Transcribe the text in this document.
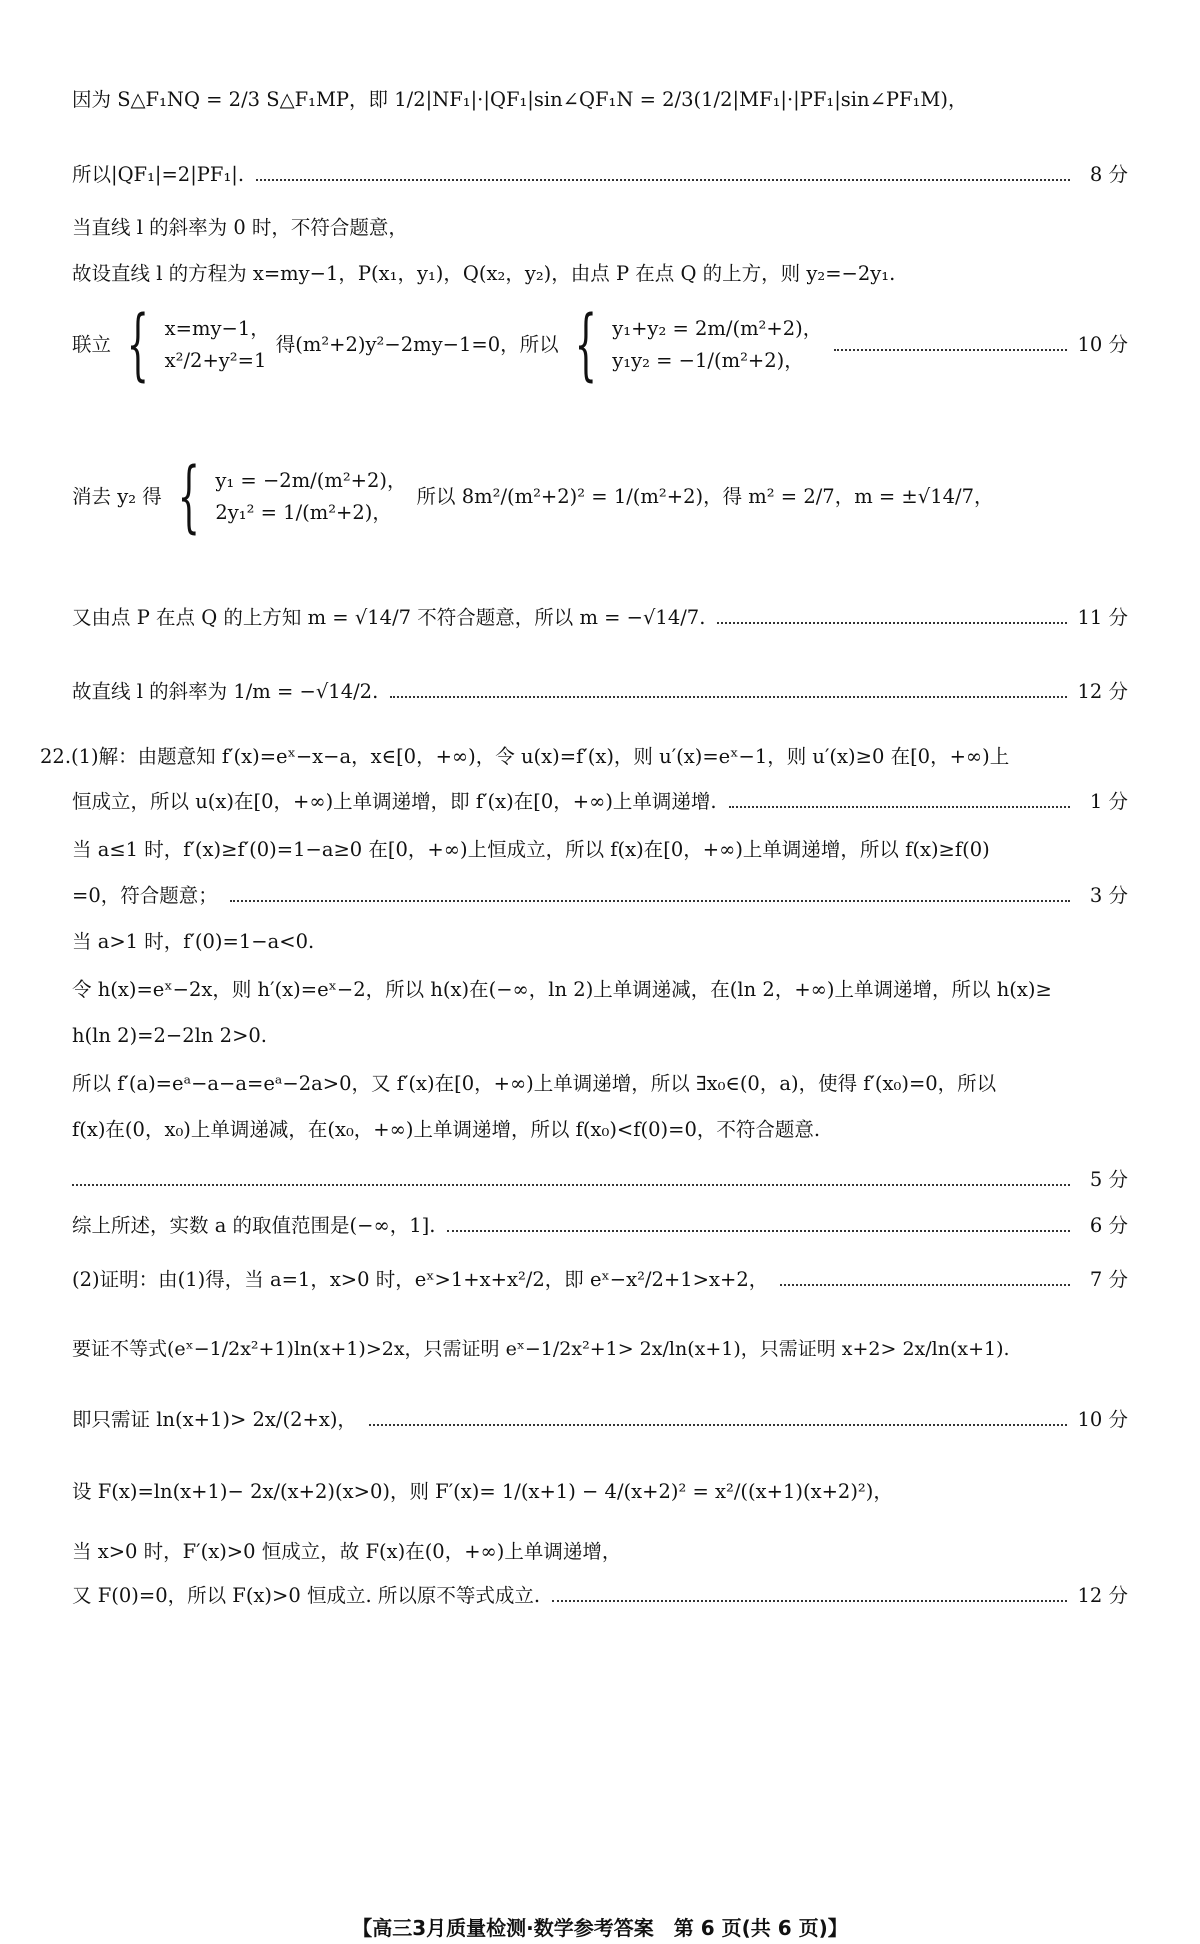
因为 S△F₁NQ = 2/3 S△F₁MP，即 1/2|NF₁|·|QF₁|sin∠QF₁N = 2/3(1/2|MF₁|·|PF₁|sin∠PF₁M)，
所以|QF₁|=2|PF₁|.	8 分
当直线 l 的斜率为 0 时，不符合题意，
故设直线 l 的方程为 x=my−1，P(x₁，y₁)，Q(x₂，y₂)，由点 P 在点 Q 的上方，则 y₂=−2y₁.
联立 { x=my−1，
x²/2+y²=1
得(m²+2)y²−2my−1=0，所以 { y₁+y₂ = 2m/(m²+2)，
y₁y₂ = −1/(m²+2)，
10 分
消去 y₂ 得 { y₁ = −2m/(m²+2)，
2y₁² = 1/(m²+2)，
所以 8m²/(m²+2)² = 1/(m²+2)，得 m² = 2/7，m = ±√14/7，
又由点 P 在点 Q 的上方知 m = √14/7 不符合题意，所以 m = −√14/7.	11 分
故直线 l 的斜率为 1/m = −√14/2.	12 分
22.(1)解：由题意知 f′(x)=eˣ−x−a，x∈[0，+∞)，令 u(x)=f′(x)，则 u′(x)=eˣ−1，则 u′(x)≥0 在[0，+∞)上
恒成立，所以 u(x)在[0，+∞)上单调递增，即 f′(x)在[0，+∞)上单调递增.	1 分
当 a≤1 时，f′(x)≥f′(0)=1−a≥0 在[0，+∞)上恒成立，所以 f(x)在[0，+∞)上单调递增，所以 f(x)≥f(0)
=0，符合题意；	3 分
当 a>1 时，f′(0)=1−a<0.
令 h(x)=eˣ−2x，则 h′(x)=eˣ−2，所以 h(x)在(−∞，ln 2)上单调递减，在(ln 2，+∞)上单调递增，所以 h(x)≥
h(ln 2)=2−2ln 2>0.
所以 f′(a)=eᵃ−a−a=eᵃ−2a>0，又 f′(x)在[0，+∞)上单调递增，所以 ∃x₀∈(0，a)，使得 f′(x₀)=0，所以
f(x)在(0，x₀)上单调递减，在(x₀，+∞)上单调递增，所以 f(x₀)<f(0)=0，不符合题意.
5 分
综上所述，实数 a 的取值范围是(−∞，1].	6 分
(2)证明：由(1)得，当 a=1，x>0 时，eˣ>1+x+x²/2，即 eˣ−x²/2+1>x+2，	7 分
要证不等式(eˣ−1/2x²+1)ln(x+1)>2x，只需证明 eˣ−1/2x²+1> 2x/ln(x+1)，只需证明 x+2> 2x/ln(x+1).
即只需证 ln(x+1)> 2x/(2+x)，	10 分
设 F(x)=ln(x+1)− 2x/(x+2)(x>0)，则 F′(x)= 1/(x+1) − 4/(x+2)² = x²/((x+1)(x+2)²)，
当 x>0 时，F′(x)>0 恒成立，故 F(x)在(0，+∞)上单调递增，
又 F(0)=0，所以 F(x)>0 恒成立. 所以原不等式成立.	12 分
【高三3月质量检测·数学参考答案　第 6 页(共 6 页)】
